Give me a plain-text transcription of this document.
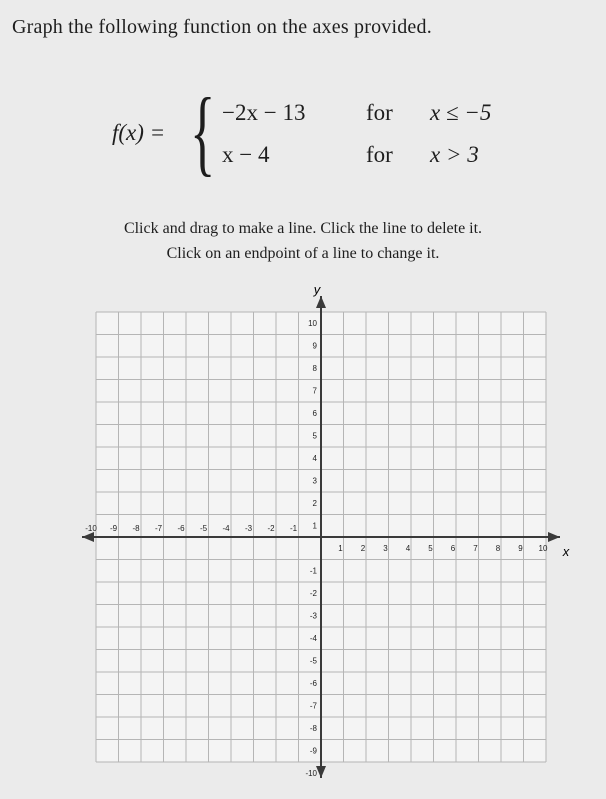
Graph the following function on the axes provided.
f(x) = { −2x − 13	for x ≤ −5
x − 4	for x > 3
Click and drag to make a line. Click the line to delete it.
Click on an endpoint of a line to change it.
-10 -9 -8 -7 -6 -5 -4 -3 -2 -1
1 2 3 4 5 6 7 8 9 10
10
9
8
7
6
5
4
3
2
1
-1
-2
-3
-4
-5
-6
-7
-8
-9
-10
y
x
